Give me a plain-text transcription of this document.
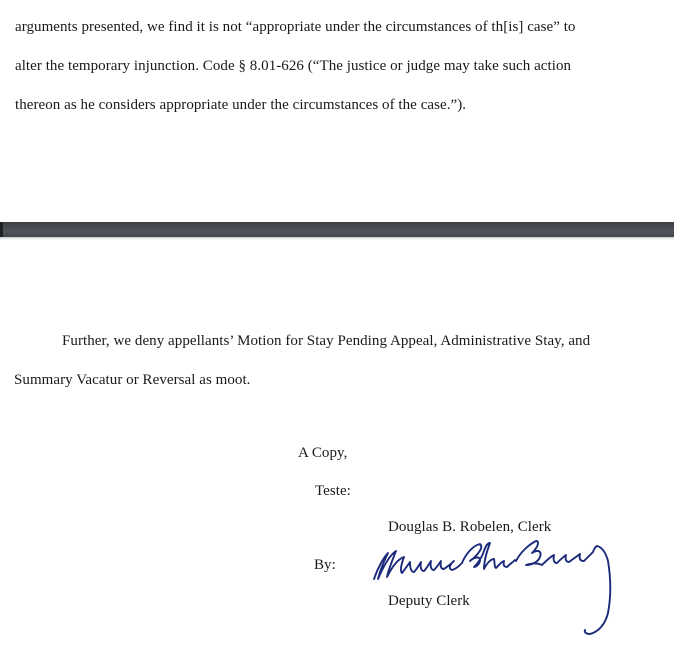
arguments presented, we find it is not “appropriate under the circumstances of th[is] case” to
alter the temporary injunction. Code § 8.01-626 (“The justice or judge may take such action
thereon as he considers appropriate under the circumstances of the case.”).
Further, we deny appellants’ Motion for Stay Pending Appeal, Administrative Stay, and
Summary Vacatur or Reversal as moot.
A Copy,
Teste:
Douglas B. Robelen, Clerk
By:
Deputy Clerk
